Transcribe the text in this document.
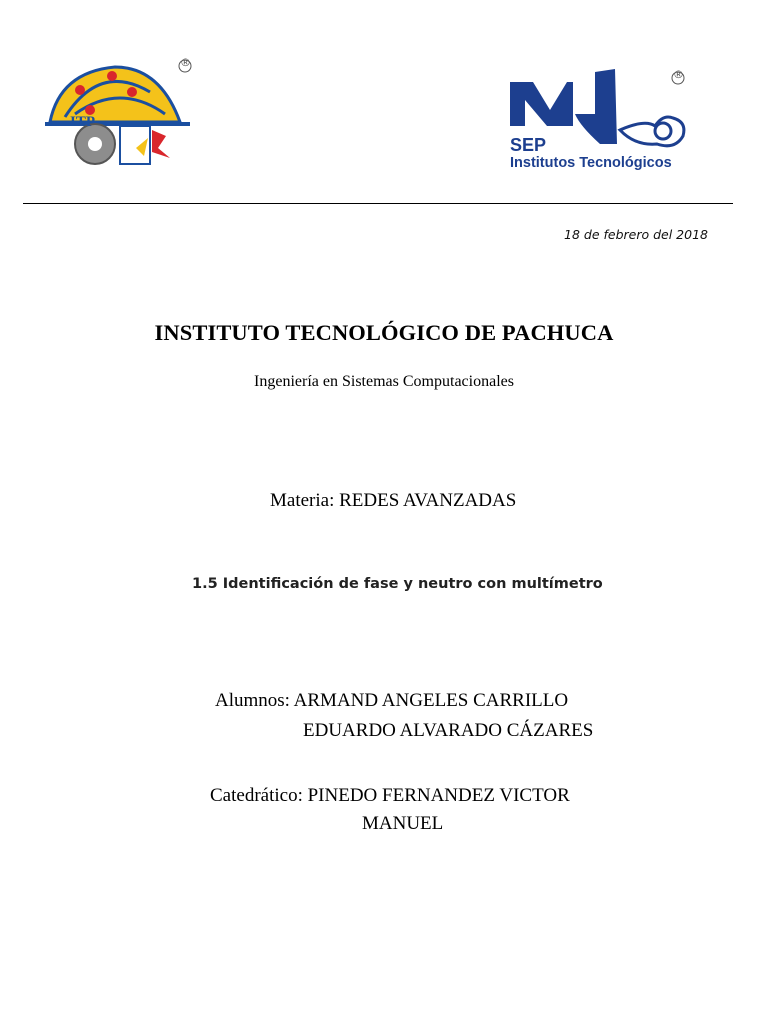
ITP
®
SEP
Institutos Tecnológicos
®
18 de febrero del 2018
INSTITUTO TECNOLÓGICO DE PACHUCA
Ingeniería en Sistemas Computacionales
Materia: REDES AVANZADAS
1.5 Identificación de fase y neutro con multímetro
Alumnos: ARMAND ANGELES CARRILLO
EDUARDO ALVARADO CÁZARES
Catedrático: PINEDO FERNANDEZ VICTOR
MANUEL
